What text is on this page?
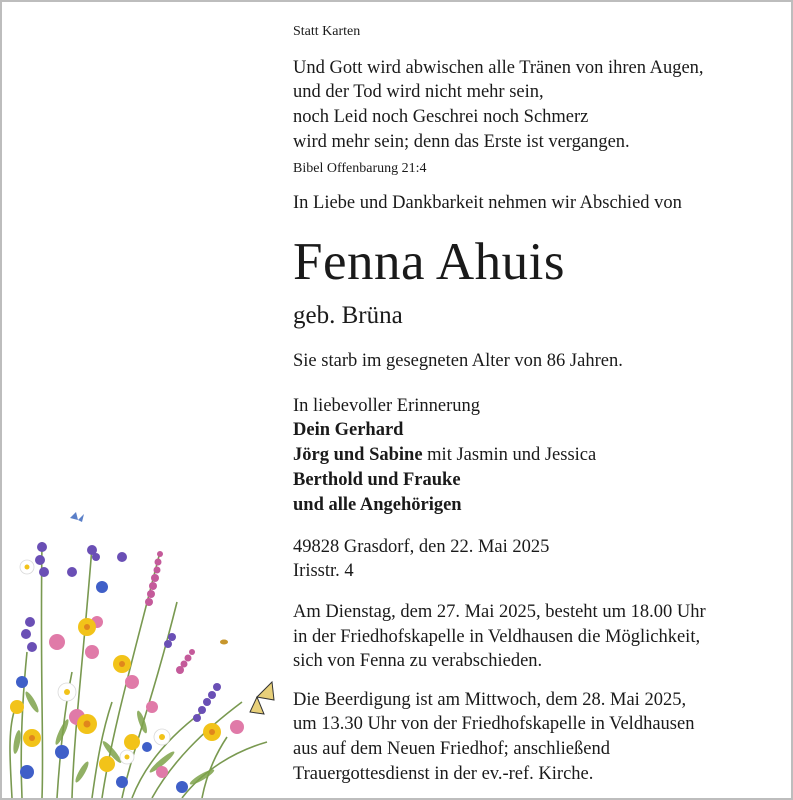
Statt Karten
Und Gott wird abwischen alle Tränen von ihren Augen,
und der Tod wird nicht mehr sein,
noch Leid noch Geschrei noch Schmerz
wird mehr sein; denn das Erste ist vergangen.
Bibel Offenbarung 21:4
In Liebe und Dankbarkeit nehmen wir Abschied von
Fenna Ahuis
geb. Brüna
Sie starb im gesegneten Alter von 86 Jahren.
In liebevoller Erinnerung
Dein Gerhard
Jörg und Sabine mit Jasmin und Jessica
Berthold und Frauke
und alle Angehörigen
49828 Grasdorf, den 22. Mai 2025
Irisstr. 4
Am Dienstag, dem 27. Mai 2025, besteht um 18.00 Uhr
in der Friedhofskapelle in Veldhausen die Möglichkeit,
sich von Fenna zu verabschieden.
Die Beerdigung ist am Mittwoch, dem 28. Mai 2025,
um 13.30 Uhr von der Friedhofskapelle in Veldhausen
aus auf dem Neuen Friedhof; anschließend
Trauergottesdienst in der ev.-ref. Kirche.
